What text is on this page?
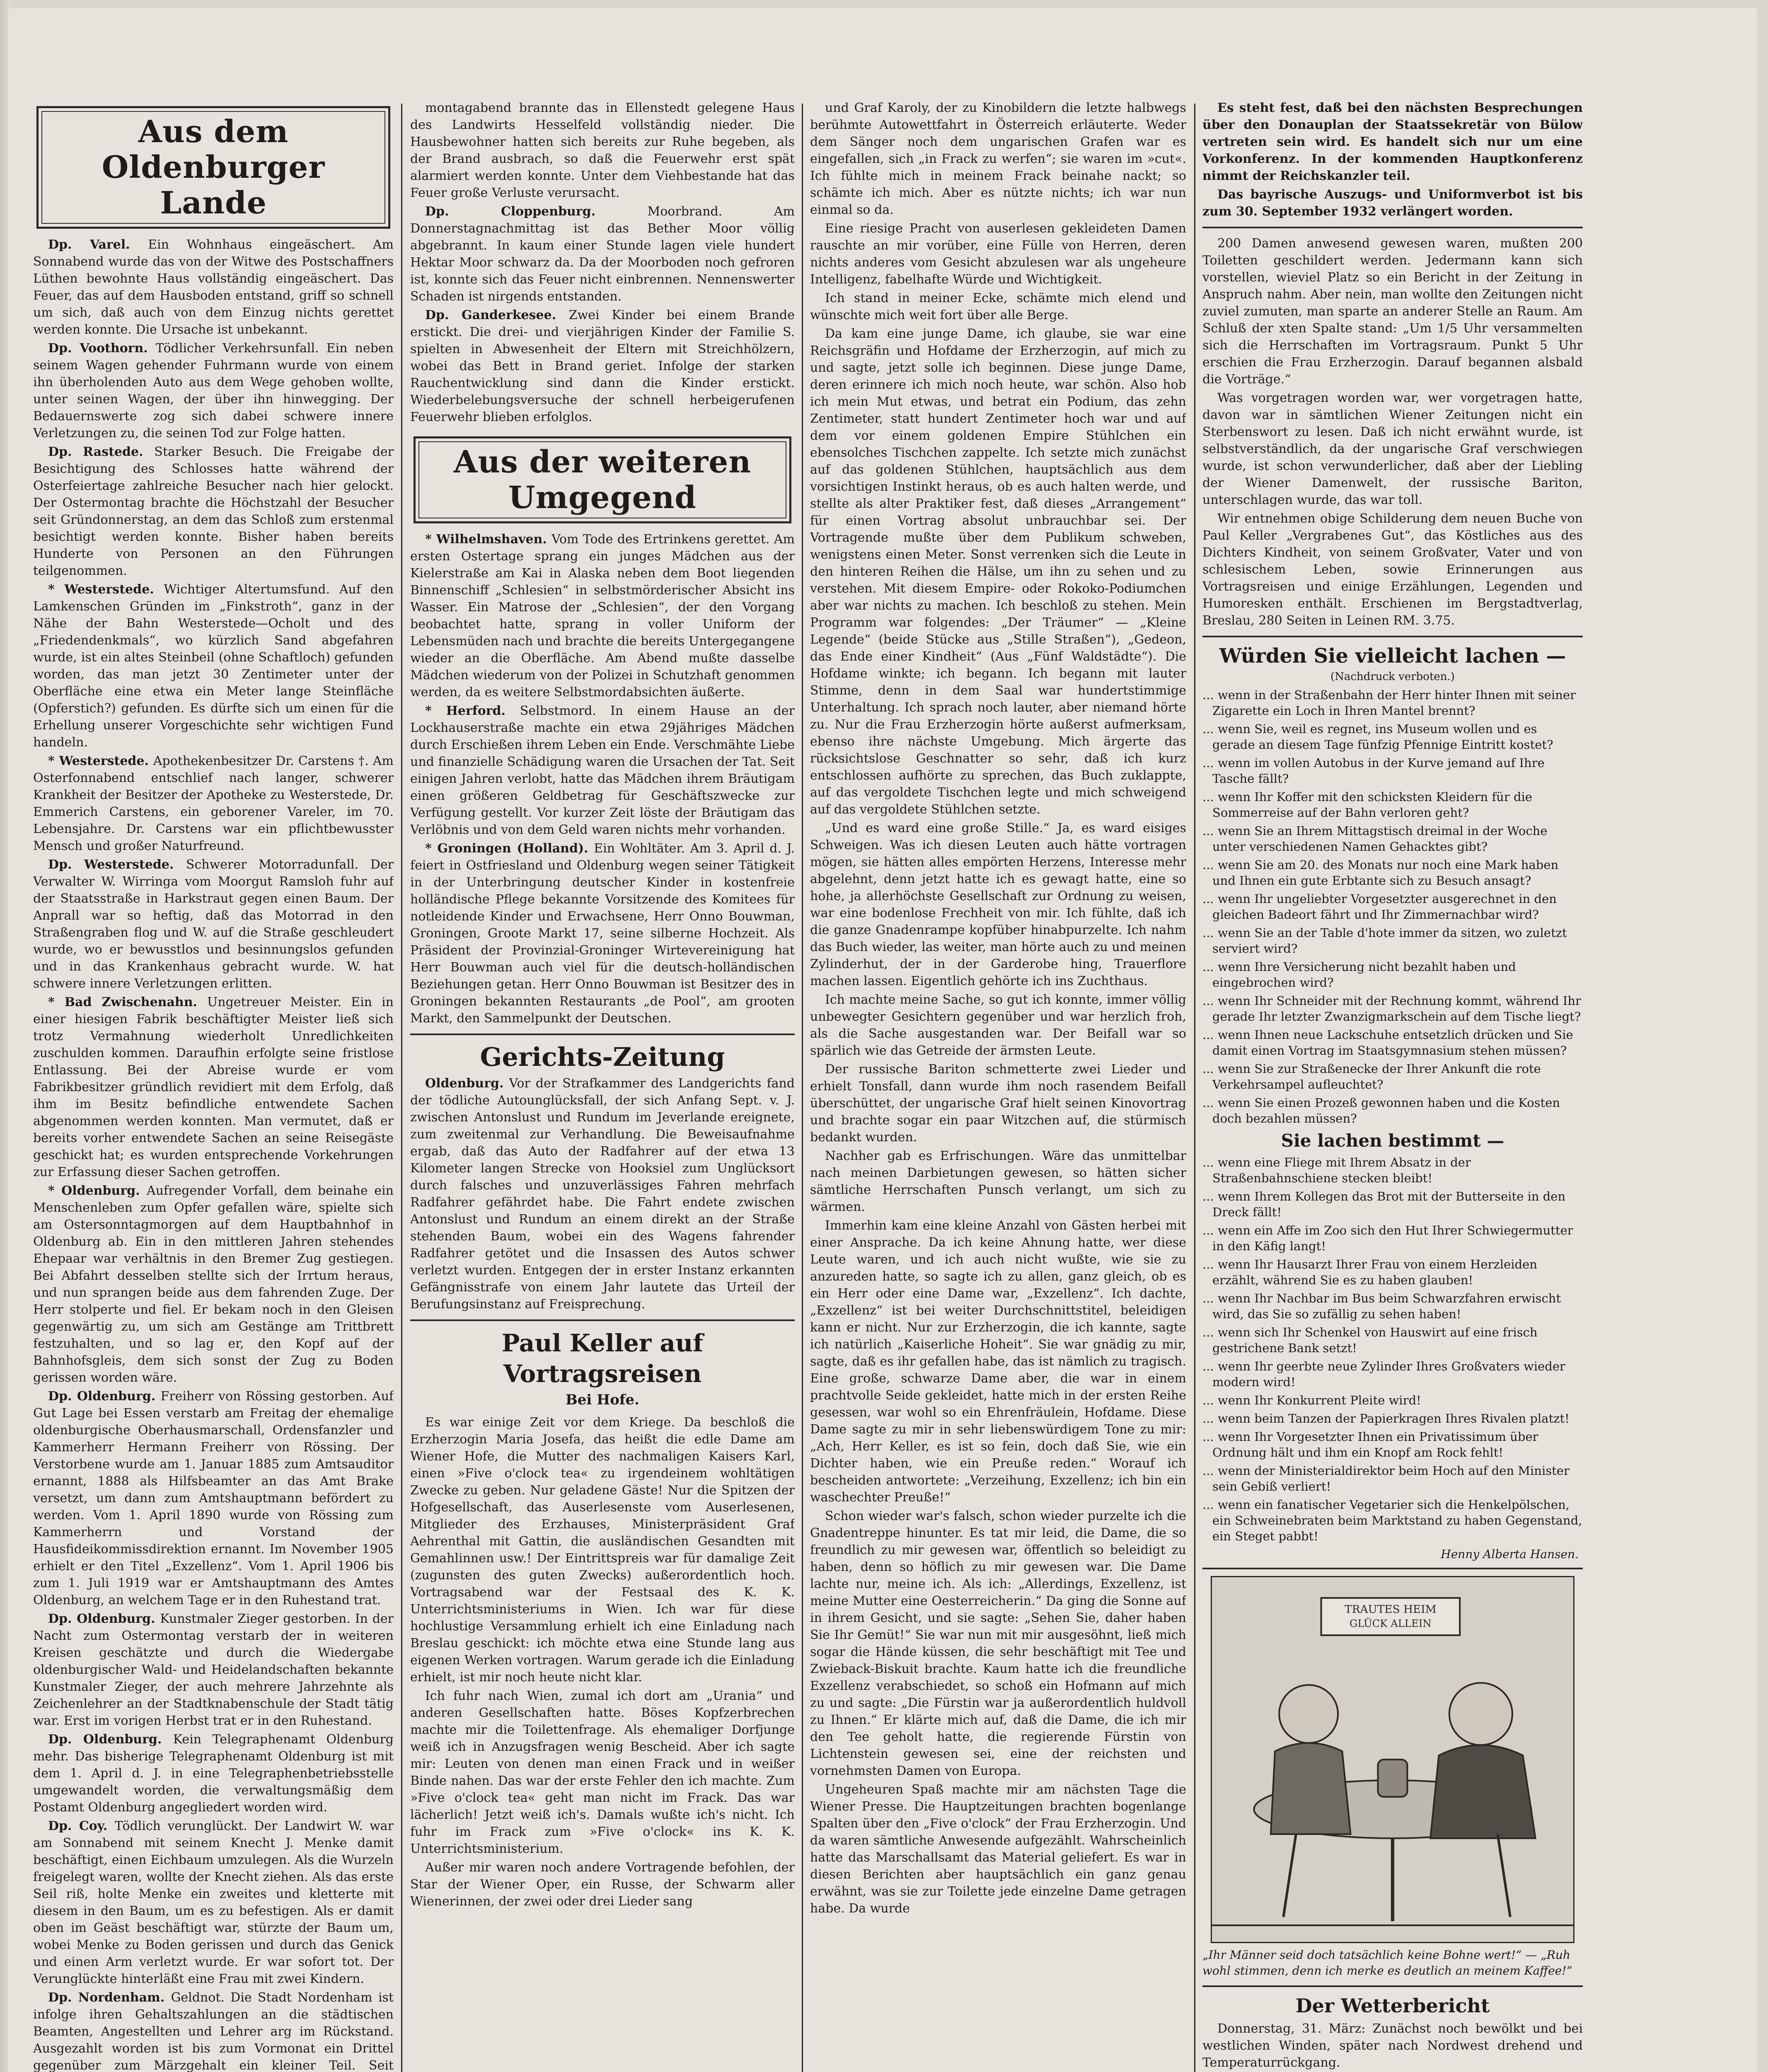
Aus dem Oldenburger Lande

Dp. Varel. Ein Wohnhaus eingeäschert. Am Sonnabend wurde das von der Witwe des Postschaffners Lüthen bewohnte Haus vollständig eingeäschert. Das Feuer, das auf dem Hausboden entstand, griff so schnell um sich, daß auch von dem Einzug nichts gerettet werden konnte. Die Ursache ist unbekannt.

Dp. Voothorn. Tödlicher Verkehrsunfall. Ein neben seinem Wagen gehender Fuhrmann wurde von einem ihn überholenden Auto aus dem Wege gehoben wollte, unter seinen Wagen, der über ihn hinwegging. Der Bedauernswerte zog sich dabei schwere innere Verletzungen zu, die seinen Tod zur Folge hatten.

Dp. Rastede. Starker Besuch. Die Freigabe der Besichtigung des Schlosses hatte während der Osterfeiertage zahlreiche Besucher nach hier gelockt. Der Ostermontag brachte die Höchstzahl der Besucher seit Gründonnerstag, an dem das Schloß zum erstenmal besichtigt werden konnte. Bisher haben bereits Hunderte von Personen an den Führungen teilgenommen.

* Westerstede. Wichtiger Altertumsfund. Auf den Lamkenschen Gründen im „Finkstroth“, ganz in der Nähe der Bahn Westerstede—Ocholt und des „Friedendenkmals“, wo kürzlich Sand abgefahren wurde, ist ein altes Steinbeil (ohne Schaftloch) gefunden worden, das man jetzt 30 Zentimeter unter der Oberfläche eine etwa ein Meter lange Steinfläche (Opferstich?) gefunden. Es dürfte sich um einen für die Erhellung unserer Vorgeschichte sehr wichtigen Fund handeln.

* Westerstede. Apothekenbesitzer Dr. Carstens †. Am Osterfonnabend entschlief nach langer, schwerer Krankheit der Besitzer der Apotheke zu Westerstede, Dr. Emmerich Carstens, ein geborener Vareler, im 70. Lebensjahre. Dr. Carstens war ein pflichtbewusster Mensch und großer Naturfreund.

Dp. Westerstede. Schwerer Motorradunfall. Der Verwalter W. Wirringa vom Moorgut Ramsloh fuhr auf der Staatsstraße in Harkstraut gegen einen Baum. Der Anprall war so heftig, daß das Motorrad in den Straßengraben flog und W. auf die Straße geschleudert wurde, wo er bewusstlos und besinnungslos gefunden und in das Krankenhaus gebracht wurde. W. hat schwere innere Verletzungen erlitten.

* Bad Zwischenahn. Ungetreuer Meister. Ein in einer hiesigen Fabrik beschäftigter Meister ließ sich trotz Vermahnung wiederholt Unredlichkeiten zuschulden kommen. Daraufhin erfolgte seine fristlose Entlassung. Bei der Abreise wurde er vom Fabrikbesitzer gründlich revidiert mit dem Erfolg, daß ihm im Besitz befindliche entwendete Sachen abgenommen werden konnten. Man vermutet, daß er bereits vorher entwendete Sachen an seine Reisegäste geschickt hat; es wurden entsprechende Vorkehrungen zur Erfassung dieser Sachen getroffen.

* Oldenburg. Aufregender Vorfall, dem beinahe ein Menschenleben zum Opfer gefallen wäre, spielte sich am Ostersonntagmorgen auf dem Hauptbahnhof in Oldenburg ab. Ein in den mittleren Jahren stehendes Ehepaar war verhältnis in den Bremer Zug gestiegen. Bei Abfahrt desselben stellte sich der Irrtum heraus, und nun sprangen beide aus dem fahrenden Zuge. Der Herr stolperte und fiel. Er bekam noch in den Gleisen gegenwärtig zu, um sich am Gestänge am Trittbrett festzuhalten, und so lag er, den Kopf auf der Bahnhofsgleis, dem sich sonst der Zug zu Boden gerissen worden wäre.

Dp. Oldenburg. Freiherr von Rössing gestorben. Auf Gut Lage bei Essen verstarb am Freitag der ehemalige oldenburgische Oberhausmarschall, Ordensfanzler und Kammerherr Hermann Freiherr von Rössing. Der Verstorbene wurde am 1. Januar 1885 zum Amtsauditor ernannt, 1888 als Hilfsbeamter an das Amt Brake versetzt, um dann zum Amtshauptmann befördert zu werden. Vom 1. April 1890 wurde von Rössing zum Kammerherrn und Vorstand der Hausfideikommissdirektion ernannt. Im November 1905 erhielt er den Titel „Exzellenz“. Vom 1. April 1906 bis zum 1. Juli 1919 war er Amtshauptmann des Amtes Oldenburg, an welchem Tage er in den Ruhestand trat.

Dp. Oldenburg. Kunstmaler Zieger gestorben. In der Nacht zum Ostermontag verstarb der in weiteren Kreisen geschätzte und durch die Wiedergabe oldenburgischer Wald- und Heidelandschaften bekannte Kunstmaler Zieger, der auch mehrere Jahrzehnte als Zeichenlehrer an der Stadtknabenschule der Stadt tätig war. Erst im vorigen Herbst trat er in den Ruhestand.

Dp. Oldenburg. Kein Telegraphenamt Oldenburg mehr. Das bisherige Telegraphenamt Oldenburg ist mit dem 1. April d. J. in eine Telegraphenbetriebsstelle umgewandelt worden, die verwaltungsmäßig dem Postamt Oldenburg angegliedert worden wird.

Dp. Coy. Tödlich verunglückt. Der Landwirt W. war am Sonnabend mit seinem Knecht J. Menke damit beschäftigt, einen Eichbaum umzulegen. Als die Wurzeln freigelegt waren, wollte der Knecht ziehen. Als das erste Seil riß, holte Menke ein zweites und kletterte mit diesem in den Baum, um es zu befestigen. Als er damit oben im Geäst beschäftigt war, stürzte der Baum um, wobei Menke zu Boden gerissen und durch das Genick und einen Arm verletzt wurde. Er war sofort tot. Der Verunglückte hinterläßt eine Frau mit zwei Kindern.

Dp. Nordenham. Geldnot. Die Stadt Nordenham ist infolge ihren Gehaltszahlungen an die städtischen Beamten, Angestellten und Lehrer arg im Rückstand. Ausgezahlt worden ist bis zum Vormonat ein Drittel gegenüber zum Märzgehalt ein kleiner Teil. Seit

montagabend brannte das in Ellenstedt gelegene Haus des Landwirts Hesselfeld vollständig nieder. Die Hausbewohner hatten sich bereits zur Ruhe begeben, als der Brand ausbrach, so daß die Feuerwehr erst spät alarmiert werden konnte. Unter dem Viehbestande hat das Feuer große Verluste verursacht.

Dp. Cloppenburg. Moorbrand. Am Donnerstagnachmittag ist das Bether Moor völlig abgebrannt. In kaum einer Stunde lagen viele hundert Hektar Moor schwarz da. Da der Moorboden noch gefroren ist, konnte sich das Feuer nicht einbrennen. Nennenswerter Schaden ist nirgends entstanden.

Dp. Ganderkesee. Zwei Kinder bei einem Brande erstickt. Die drei- und vierjährigen Kinder der Familie S. spielten in Abwesenheit der Eltern mit Streichhölzern, wobei das Bett in Brand geriet. Infolge der starken Rauchentwicklung sind dann die Kinder erstickt. Wiederbelebungsversuche der schnell herbeigerufenen Feuerwehr blieben erfolglos.

Aus der weiteren Umgegend

* Wilhelmshaven. Vom Tode des Ertrinkens gerettet. Am ersten Ostertage sprang ein junges Mädchen aus der Kielerstraße am Kai in Alaska neben dem Boot liegenden Binnenschiff „Schlesien“ in selbstmörderischer Absicht ins Wasser. Ein Matrose der „Schlesien“, der den Vorgang beobachtet hatte, sprang in voller Uniform der Lebensmüden nach und brachte die bereits Untergegangene wieder an die Oberfläche. Am Abend mußte dasselbe Mädchen wiederum von der Polizei in Schutzhaft genommen werden, da es weitere Selbstmordabsichten äußerte.

* Herford. Selbstmord. In einem Hause an der Lockhauserstraße machte ein etwa 29jähriges Mädchen durch Erschießen ihrem Leben ein Ende. Verschmähte Liebe und finanzielle Schädigung waren die Ursachen der Tat. Seit einigen Jahren verlobt, hatte das Mädchen ihrem Bräutigam einen größeren Geldbetrag für Geschäftszwecke zur Verfügung gestellt. Vor kurzer Zeit löste der Bräutigam das Verlöbnis und von dem Geld waren nichts mehr vorhanden.

* Groningen (Holland). Ein Wohltäter. Am 3. April d. J. feiert in Ostfriesland und Oldenburg wegen seiner Tätigkeit in der Unterbringung deutscher Kinder in kostenfreie holländische Pflege bekannte Vorsitzende des Komitees für notleidende Kinder und Erwachsene, Herr Onno Bouwman, Groningen, Groote Markt 17, seine silberne Hochzeit. Als Präsident der Provinzial-Groninger Wirtevereinigung hat Herr Bouwman auch viel für die deutsch-holländischen Beziehungen getan. Herr Onno Bouwman ist Besitzer des in Groningen bekannten Restaurants „de Pool“, am grooten Markt, den Sammelpunkt der Deutschen.

Gerichts-Zeitung

Oldenburg. Vor der Strafkammer des Landgerichts fand der tödliche Autounglücksfall, der sich Anfang Sept. v. J. zwischen Antonslust und Rundum im Jeverlande ereignete, zum zweitenmal zur Verhandlung. Die Beweisaufnahme ergab, daß das Auto der Radfahrer auf der etwa 13 Kilometer langen Strecke von Hooksiel zum Unglücksort durch falsches und unzuverlässiges Fahren mehrfach Radfahrer gefährdet habe. Die Fahrt endete zwischen Antonslust und Rundum an einem direkt an der Straße stehenden Baum, wobei ein des Wagens fahrender Radfahrer getötet und die Insassen des Autos schwer verletzt wurden. Entgegen der in erster Instanz erkannten Gefängnisstrafe von einem Jahr lautete das Urteil der Berufungsinstanz auf Freisprechung.

Paul Keller auf Vortragsreisen
Bei Hofe.

Es war einige Zeit vor dem Kriege. Da beschloß die Erzherzogin Maria Josefa, das heißt die edle Dame am Wiener Hofe, die Mutter des nachmaligen Kaisers Karl, einen »Five o'clock tea« zu irgendeinem wohltätigen Zwecke zu geben. Nur geladene Gäste! Nur die Spitzen der Hofgesellschaft, das Auserlesenste vom Auserlesenen, Mitglieder des Erzhauses, Ministerpräsident Graf Aehrenthal mit Gattin, die ausländischen Gesandten mit Gemahlinnen usw.! Der Eintrittspreis war für damalige Zeit (zugunsten des guten Zwecks) außerordentlich hoch. Vortragsabend war der Festsaal des K. K. Unterrichtsministeriums in Wien. Ich war für diese hochlustige Versammlung erhielt ich eine Einladung nach Breslau geschickt: ich möchte etwa eine Stunde lang aus eigenen Werken vortragen. Warum gerade ich die Einladung erhielt, ist mir noch heute nicht klar.

Ich fuhr nach Wien, zumal ich dort am „Urania“ und anderen Gesellschaften hatte. Böses Kopfzerbrechen machte mir die Toilettenfrage. Als ehemaliger Dorfjunge weiß ich in Anzugsfragen wenig Bescheid. Aber ich sagte mir: Leuten von denen man einen Frack und in weißer Binde nahen. Das war der erste Fehler den ich machte. Zum »Five o'clock tea« geht man nicht im Frack. Das war lächerlich! Jetzt weiß ich's. Damals wußte ich's nicht. Ich fuhr im Frack zum »Five o'clock« ins K. K. Unterrichtsministerium.

Außer mir waren noch andere Vortragende befohlen, der Star der Wiener Oper, ein Russe, der Schwarm aller Wienerinnen, der zwei oder drei Lieder sang

und Graf Karoly, der zu Kinobildern die letzte halbwegs berühmte Autowettfahrt in Österreich erläuterte. Weder dem Sänger noch dem ungarischen Grafen war es eingefallen, sich „in Frack zu werfen“; sie waren im »cut«. Ich fühlte mich in meinem Frack beinahe nackt; so schämte ich mich. Aber es nützte nichts; ich war nun einmal so da.

Eine riesige Pracht von auserlesen gekleideten Damen rauschte an mir vorüber, eine Fülle von Herren, deren nichts anderes vom Gesicht abzulesen war als ungeheure Intelligenz, fabelhafte Würde und Wichtigkeit.

Ich stand in meiner Ecke, schämte mich elend und wünschte mich weit fort über alle Berge.

Da kam eine junge Dame, ich glaube, sie war eine Reichsgräfin und Hofdame der Erzherzogin, auf mich zu und sagte, jetzt solle ich beginnen. Diese junge Dame, deren erinnere ich mich noch heute, war schön. Also hob ich mein Mut etwas, und betrat ein Podium, das zehn Zentimeter, statt hundert Zentimeter hoch war und auf dem vor einem goldenen Empire Stühlchen ein ebensolches Tischchen zappelte. Ich setzte mich zunächst auf das goldenen Stühlchen, hauptsächlich aus dem vorsichtigen Instinkt heraus, ob es auch halten werde, und stellte als alter Praktiker fest, daß dieses „Arrangement“ für einen Vortrag absolut unbrauchbar sei. Der Vortragende mußte über dem Publikum schweben, wenigstens einen Meter. Sonst verrenken sich die Leute in den hinteren Reihen die Hälse, um ihn zu sehen und zu verstehen. Mit diesem Empire- oder Rokoko-Podiumchen aber war nichts zu machen. Ich beschloß zu stehen. Mein Programm war folgendes: „Der Träumer“ — „Kleine Legende“ (beide Stücke aus „Stille Straßen“), „Gedeon, das Ende einer Kindheit“ (Aus „Fünf Waldstädte“). Die Hofdame winkte; ich begann. Ich begann mit lauter Stimme, denn in dem Saal war hundertstimmige Unterhaltung. Ich sprach noch lauter, aber niemand hörte zu. Nur die Frau Erzherzogin hörte außerst aufmerksam, ebenso ihre nächste Umgebung. Mich ärgerte das rücksichtslose Geschnatter so sehr, daß ich kurz entschlossen aufhörte zu sprechen, das Buch zuklappte, auf das vergoldete Tischchen legte und mich schweigend auf das vergoldete Stühlchen setzte.

„Und es ward eine große Stille.“ Ja, es ward eisiges Schweigen. Was ich diesen Leuten auch hätte vortragen mögen, sie hätten alles empörten Herzens, Interesse mehr abgelehnt, denn jetzt hatte ich es gewagt hatte, eine so hohe, ja allerhöchste Gesellschaft zur Ordnung zu weisen, war eine bodenlose Frechheit von mir. Ich fühlte, daß ich die ganze Gnadenrampe kopfüber hinabpurzelte. Ich nahm das Buch wieder, las weiter, man hörte auch zu und meinen Zylinderhut, der in der Garderobe hing, Trauerflore machen lassen. Eigentlich gehörte ich ins Zuchthaus.

Ich machte meine Sache, so gut ich konnte, immer völlig unbewegter Gesichtern gegenüber und war herzlich froh, als die Sache ausgestanden war. Der Beifall war so spärlich wie das Getreide der ärmsten Leute.

Der russische Bariton schmetterte zwei Lieder und erhielt Tonsfall, dann wurde ihm noch rasendem Beifall überschüttet, der ungarische Graf hielt seinen Kinovortrag und brachte sogar ein paar Witzchen auf, die stürmisch bedankt wurden.

Nachher gab es Erfrischungen. Wäre das unmittelbar nach meinen Darbietungen gewesen, so hätten sicher sämtliche Herrschaften Punsch verlangt, um sich zu wärmen.

Immerhin kam eine kleine Anzahl von Gästen herbei mit einer Ansprache. Da ich keine Ahnung hatte, wer diese Leute waren, und ich auch nicht wußte, wie sie zu anzureden hatte, so sagte ich zu allen, ganz gleich, ob es ein Herr oder eine Dame war, „Exzellenz“. Ich dachte, „Exzellenz“ ist bei weiter Durchschnittstitel, beleidigen kann er nicht. Nur zur Erzherzogin, die ich kannte, sagte ich natürlich „Kaiserliche Hoheit“. Sie war gnädig zu mir, sagte, daß es ihr gefallen habe, das ist nämlich zu tragisch. Eine große, schwarze Dame aber, die war in einem prachtvolle Seide gekleidet, hatte mich in der ersten Reihe gesessen, war wohl so ein Ehrenfräulein, Hofdame. Diese Dame sagte zu mir in sehr liebenswürdigem Tone zu mir: „Ach, Herr Keller, es ist so fein, doch daß Sie, wie ein Dichter haben, wie ein Preuße reden.“ Worauf ich bescheiden antwortete: „Verzeihung, Exzellenz; ich bin ein waschechter Preuße!“

Schon wieder war's falsch, schon wieder purzelte ich die Gnadentreppe hinunter. Es tat mir leid, die Dame, die so freundlich zu mir gewesen war, öffentlich so beleidigt zu haben, denn so höflich zu mir gewesen war. Die Dame lachte nur, meine ich. Als ich: „Allerdings, Exzellenz, ist meine Mutter eine Oesterreicherin.“ Da ging die Sonne auf in ihrem Gesicht, und sie sagte: „Sehen Sie, daher haben Sie Ihr Gemüt!“ Sie war nun mit mir ausgesöhnt, ließ mich sogar die Hände küssen, die sehr beschäftigt mit Tee und Zwieback-Biskuit brachte. Kaum hatte ich die freundliche Exzellenz verabschiedet, so schoß ein Hofmann auf mich zu und sagte: „Die Fürstin war ja außerordentlich huldvoll zu Ihnen.“ Er klärte mich auf, daß die Dame, die ich mir den Tee geholt hatte, die regierende Fürstin von Lichtenstein gewesen sei, eine der reichsten und vornehmsten Damen von Europa.

Ungeheuren Spaß machte mir am nächsten Tage die Wiener Presse. Die Hauptzeitungen brachten bogenlange Spalten über den „Five o'clock“ der Frau Erzherzogin. Und da waren sämtliche Anwesende aufgezählt. Wahrscheinlich hatte das Marschallsamt das Material geliefert. Es war in diesen Berichten aber hauptsächlich ein ganz genau erwähnt, was sie zur Toilette jede einzelne Dame getragen habe. Da wurde

Es steht fest, daß bei den nächsten Besprechungen über den Donauplan der Staatssekretär von Bülow vertreten sein wird. Es handelt sich nur um eine Vorkonferenz. In der kommenden Hauptkonferenz nimmt der Reichskanzler teil.

Das bayrische Auszugs- und Uniformverbot ist bis zum 30. September 1932 verlängert worden.

200 Damen anwesend gewesen waren, mußten 200 Toiletten geschildert werden. Jedermann kann sich vorstellen, wieviel Platz so ein Bericht in der Zeitung in Anspruch nahm. Aber nein, man wollte den Zeitungen nicht zuviel zumuten, man sparte an anderer Stelle an Raum. Am Schluß der xten Spalte stand: „Um 1/5 Uhr versammelten sich die Herrschaften im Vortragsraum. Punkt 5 Uhr erschien die Frau Erzherzogin. Darauf begannen alsbald die Vorträge.“

Was vorgetragen worden war, wer vorgetragen hatte, davon war in sämtlichen Wiener Zeitungen nicht ein Sterbenswort zu lesen. Daß ich nicht erwähnt wurde, ist selbstverständlich, da der ungarische Graf verschwiegen wurde, ist schon verwunderlicher, daß aber der Liebling der Wiener Damenwelt, der russische Bariton, unterschlagen wurde, das war toll.

Wir entnehmen obige Schilderung dem neuen Buche von Paul Keller „Vergrabenes Gut“, das Köstliches aus des Dichters Kindheit, von seinem Großvater, Vater und von schlesischem Leben, sowie Erinnerungen aus Vortragsreisen und einige Erzählungen, Legenden und Humoresken enthält. Erschienen im Bergstadtverlag, Breslau, 280 Seiten in Leinen RM. 3.75.

Würden Sie vielleicht lachen —
(Nachdruck verboten.)

... wenn in der Straßenbahn der Herr hinter Ihnen mit seiner Zigarette ein Loch in Ihren Mantel brennt?

... wenn Sie, weil es regnet, ins Museum wollen und es gerade an diesem Tage fünfzig Pfennige Eintritt kostet?

... wenn im vollen Autobus in der Kurve jemand auf Ihre Tasche fällt?

... wenn Ihr Koffer mit den schicksten Kleidern für die Sommerreise auf der Bahn verloren geht?

... wenn Sie an Ihrem Mittagstisch dreimal in der Woche unter verschiedenen Namen Gehacktes gibt?

... wenn Sie am 20. des Monats nur noch eine Mark haben und Ihnen ein gute Erbtante sich zu Besuch ansagt?

... wenn Ihr ungeliebter Vorgesetzter ausgerechnet in den gleichen Badeort fährt und Ihr Zimmernachbar wird?

... wenn Sie an der Table d'hote immer da sitzen, wo zuletzt serviert wird?

... wenn Ihre Versicherung nicht bezahlt haben und eingebrochen wird?

... wenn Ihr Schneider mit der Rechnung kommt, während Ihr gerade Ihr letzter Zwanzigmarkschein auf dem Tische liegt?

... wenn Ihnen neue Lackschuhe entsetzlich drücken und Sie damit einen Vortrag im Staatsgymnasium stehen müssen?

... wenn Sie zur Straßenecke der Ihrer Ankunft die rote Verkehrsampel aufleuchtet?

... wenn Sie einen Prozeß gewonnen haben und die Kosten doch bezahlen müssen?

Sie lachen bestimmt —

... wenn eine Fliege mit Ihrem Absatz in der Straßenbahnschiene stecken bleibt!

... wenn Ihrem Kollegen das Brot mit der Butterseite in den Dreck fällt!

... wenn ein Affe im Zoo sich den Hut Ihrer Schwiegermutter in den Käfig langt!

... wenn Ihr Hausarzt Ihrer Frau von einem Herzleiden erzählt, während Sie es zu haben glauben!

... wenn Ihr Nachbar im Bus beim Schwarzfahren erwischt wird, das Sie so zufällig zu sehen haben!

... wenn sich Ihr Schenkel von Hauswirt auf eine frisch gestrichene Bank setzt!

... wenn Ihr geerbte neue Zylinder Ihres Großvaters wieder modern wird!

... wenn Ihr Konkurrent Pleite wird!

... wenn beim Tanzen der Papierkragen Ihres Rivalen platzt!

... wenn Ihr Vorgesetzter Ihnen ein Privatissimum über Ordnung hält und ihm ein Knopf am Rock fehlt!

... wenn der Ministerialdirektor beim Hoch auf den Minister sein Gebiß verliert!

... wenn ein fanatischer Vegetarier sich die Henkelpölschen, ein Schweinebraten beim Marktstand zu haben Gegenstand, ein Steget pabbt!

Henny Alberta Hansen.
TRAUTES HEIM
GLÜCK ALLEIN
„Ihr Männer seid doch tatsächlich keine Bohne wert!“ — „Ruh wohl stimmen, denn ich merke es deutlich an meinem Kaffee!“
Der Wetterbericht

Donnerstag, 31. März: Zunächst noch bewölkt und bei westlichen Winden, später nach Nordwest drehend und Temperaturrückgang.
